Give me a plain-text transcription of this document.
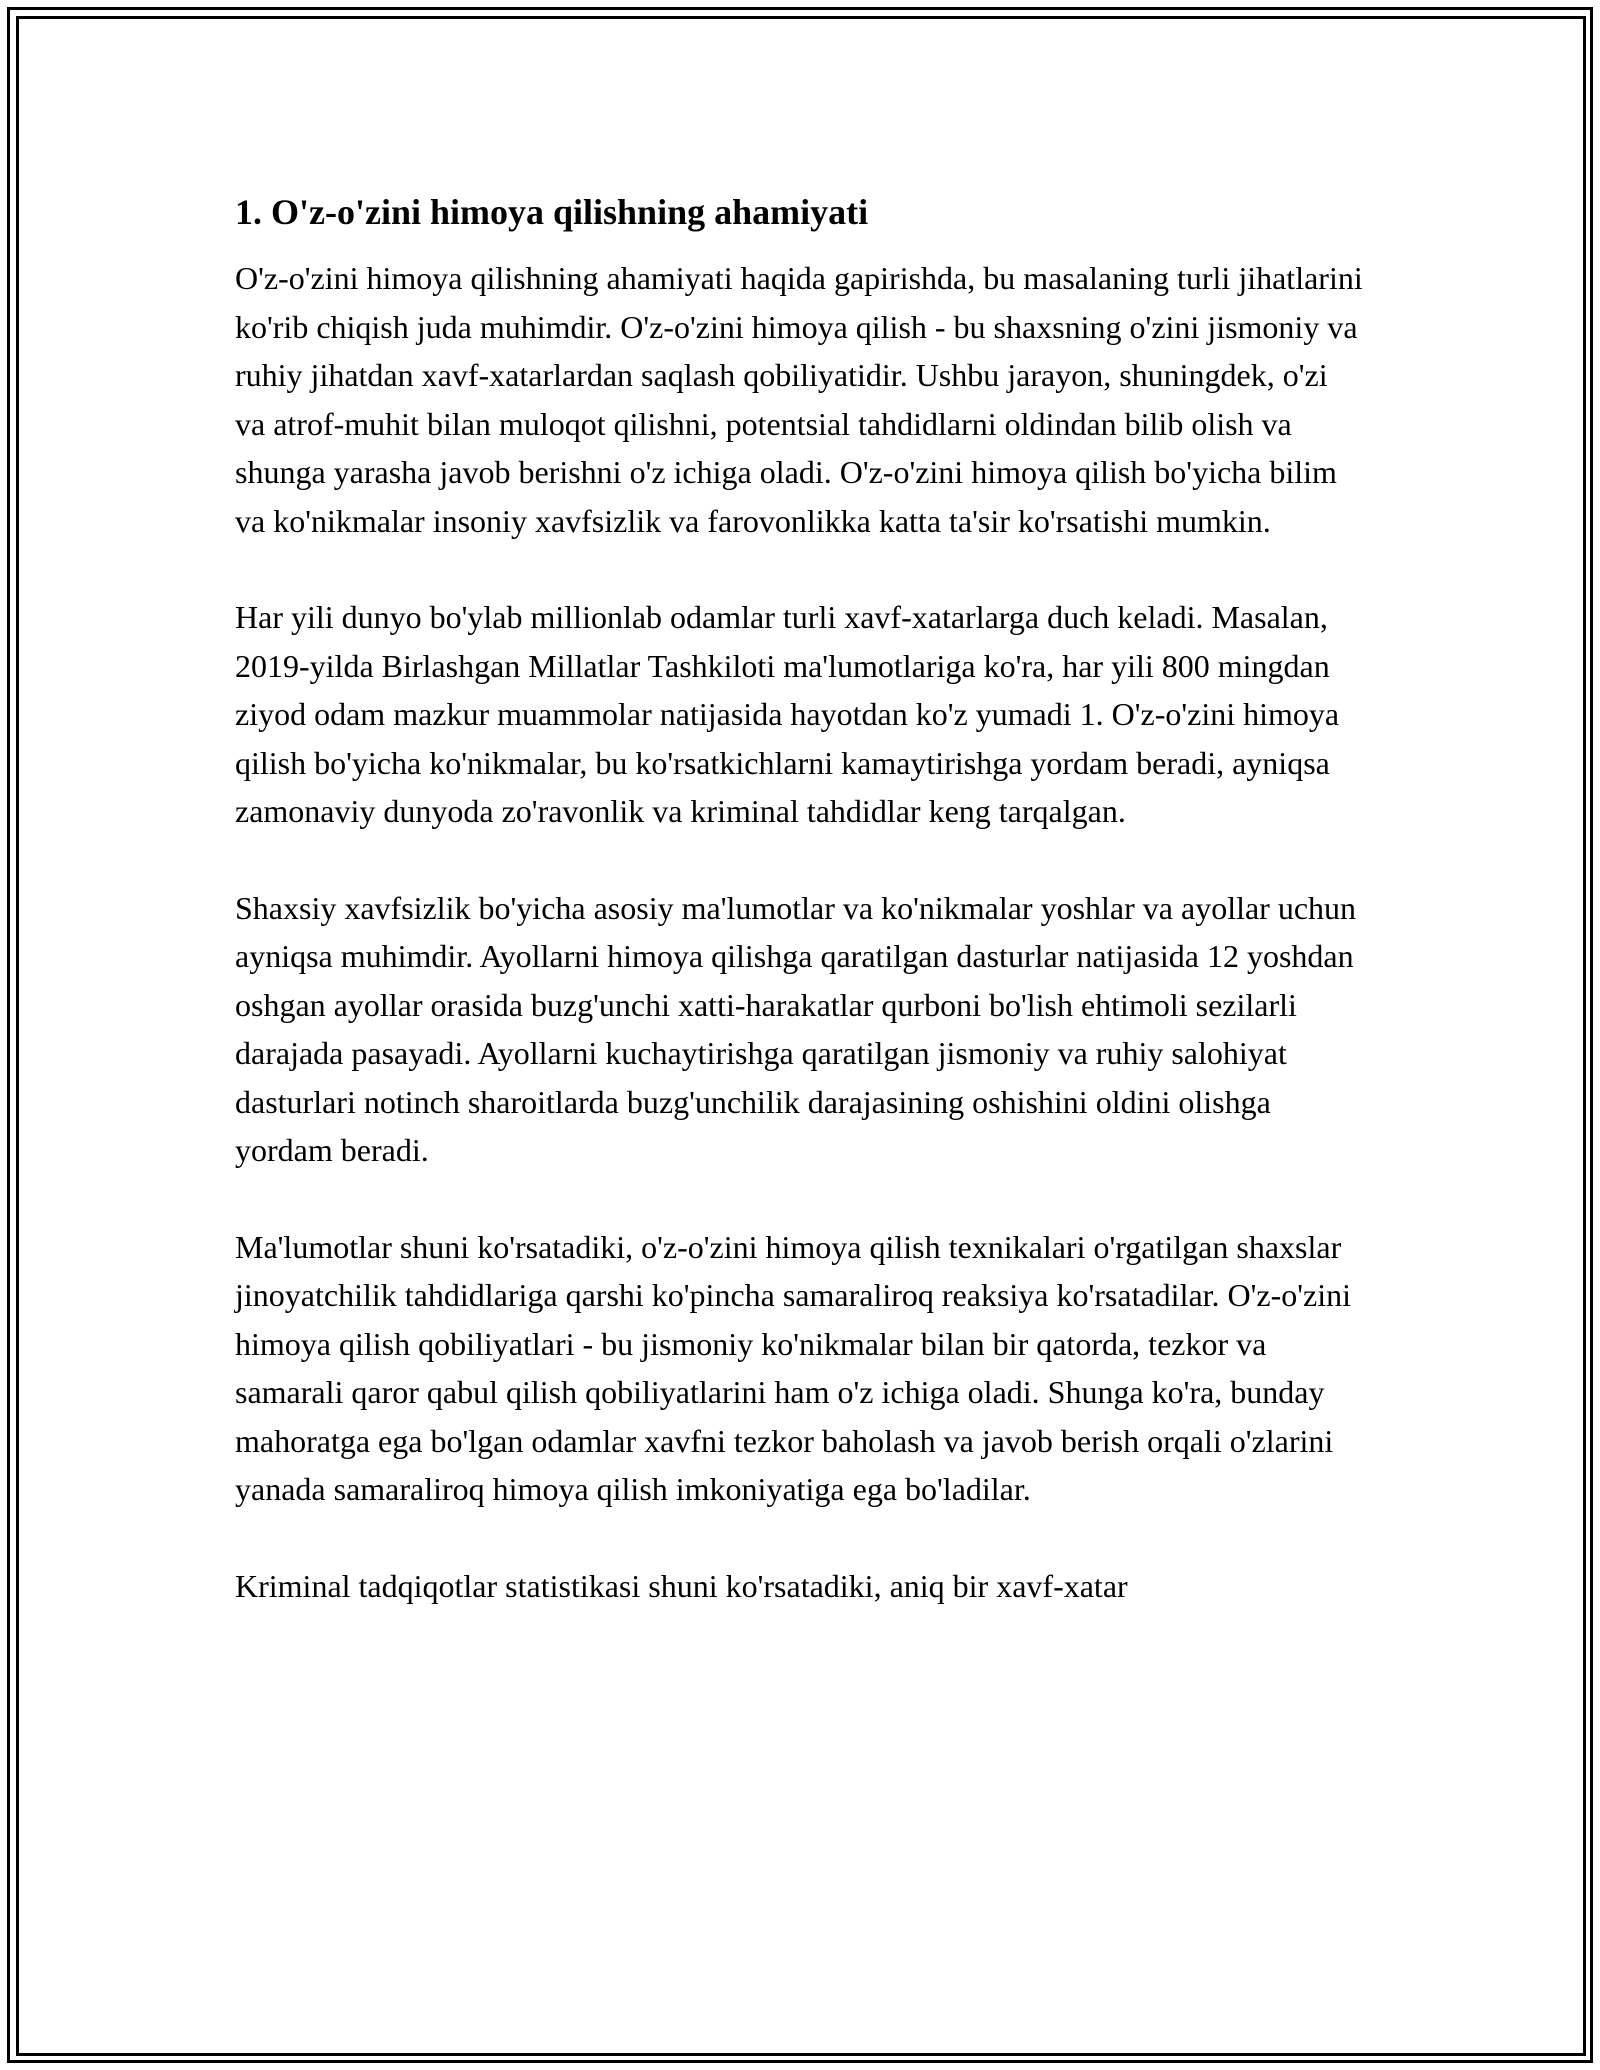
1. O'z-o'zini himoya qilishning ahamiyati

O'z-o'zini himoya qilishning ahamiyati haqida gapirishda, bu masalaning turli jihatlarini ko'rib chiqish juda muhimdir. O'z-o'zini himoya qilish - bu shaxsning o'zini jismoniy va ruhiy jihatdan xavf-xatarlardan saqlash qobiliyatidir. Ushbu jarayon, shuningdek, o'zi va atrof-muhit bilan muloqot qilishni, potentsial tahdidlarni oldindan bilib olish va shunga yarasha javob berishni o'z ichiga oladi. O'z-o'zini himoya qilish bo'yicha bilim va ko'nikmalar insoniy xavfsizlik va farovonlikka katta ta'sir ko'rsatishi mumkin.

Har yili dunyo bo'ylab millionlab odamlar turli xavf-xatarlarga duch keladi. Masalan, 2019-yilda Birlashgan Millatlar Tashkiloti ma'lumotlariga ko'ra, har yili 800 mingdan ziyod odam mazkur muammolar natijasida hayotdan ko'z yumadi 1. O'z-o'zini himoya qilish bo'yicha ko'nikmalar, bu ko'rsatkichlarni kamaytirishga yordam beradi, ayniqsa zamonaviy dunyoda zo'ravonlik va kriminal tahdidlar keng tarqalgan.

Shaxsiy xavfsizlik bo'yicha asosiy ma'lumotlar va ko'nikmalar yoshlar va ayollar uchun ayniqsa muhimdir. Ayollarni himoya qilishga qaratilgan dasturlar natijasida 12 yoshdan oshgan ayollar orasida buzg'unchi xatti-harakatlar qurboni bo'lish ehtimoli sezilarli darajada pasayadi. Ayollarni kuchaytirishga qaratilgan jismoniy va ruhiy salohiyat dasturlari notinch sharoitlarda buzg'unchilik darajasining oshishini oldini olishga yordam beradi.

Ma'lumotlar shuni ko'rsatadiki, o'z-o'zini himoya qilish texnikalari o'rgatilgan shaxslar jinoyatchilik tahdidlariga qarshi ko'pincha samaraliroq reaksiya ko'rsatadilar. O'z-o'zini himoya qilish qobiliyatlari - bu jismoniy ko'nikmalar bilan bir qatorda, tezkor va samarali qaror qabul qilish qobiliyatlarini ham o'z ichiga oladi. Shunga ko'ra, bunday mahoratga ega bo'lgan odamlar xavfni tezkor baholash va javob berish orqali o'zlarini yanada samaraliroq himoya qilish imkoniyatiga ega bo'ladilar.

Kriminal tadqiqotlar statistikasi shuni ko'rsatadiki, aniq bir xavf-xatar
